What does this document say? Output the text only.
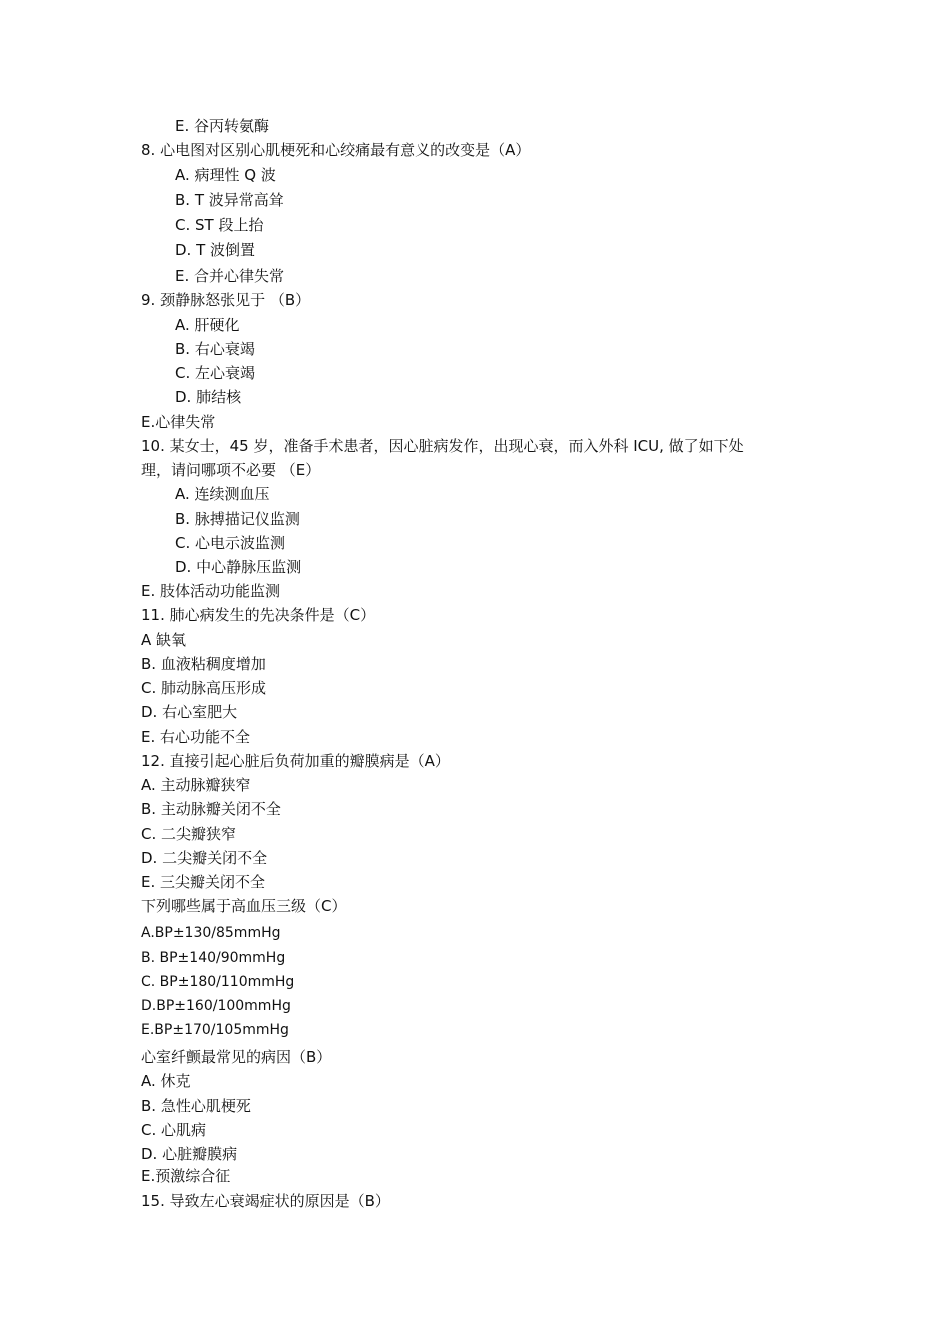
E. 谷丙转氨酶
8. 心电图对区别心肌梗死和心绞痛最有意义的改变是（A）
A. 病理性 Q 波
B. T 波异常高耸
C. ST 段上抬
D. T 波倒置
E. 合并心律失常
9. 颈静脉怒张见于 （B）
A. 肝硬化
B. 右心衰竭
C. 左心衰竭
D. 肺结核
E.心律失常
10. 某女士，45 岁，准备手术患者，因心脏病发作，出现心衰，而入外科 ICU, 做了如下处
理，请问哪项不必要 （E）
A. 连续测血压
B. 脉搏描记仪监测
C. 心电示波监测
D. 中心静脉压监测
E. 肢体活动功能监测
11. 肺心病发生的先决条件是（C）
A 缺氧
B. 血液粘稠度增加
C. 肺动脉高压形成
D. 右心室肥大
E. 右心功能不全
12. 直接引起心脏后负荷加重的瓣膜病是（A）
A. 主动脉瓣狭窄
B. 主动脉瓣关闭不全
C. 二尖瓣狭窄
D. 二尖瓣关闭不全
E. 三尖瓣关闭不全
下列哪些属于高血压三级（C）
A.BP±130/85mmHg
B. BP±140/90mmHg
C. BP±180/110mmHg
D.BP±160/100mmHg
E.BP±170/105mmHg
心室纤颤最常见的病因（B）
A. 休克
B. 急性心肌梗死
C. 心肌病
D. 心脏瓣膜病
E.预激综合征
15. 导致左心衰竭症状的原因是（B）
